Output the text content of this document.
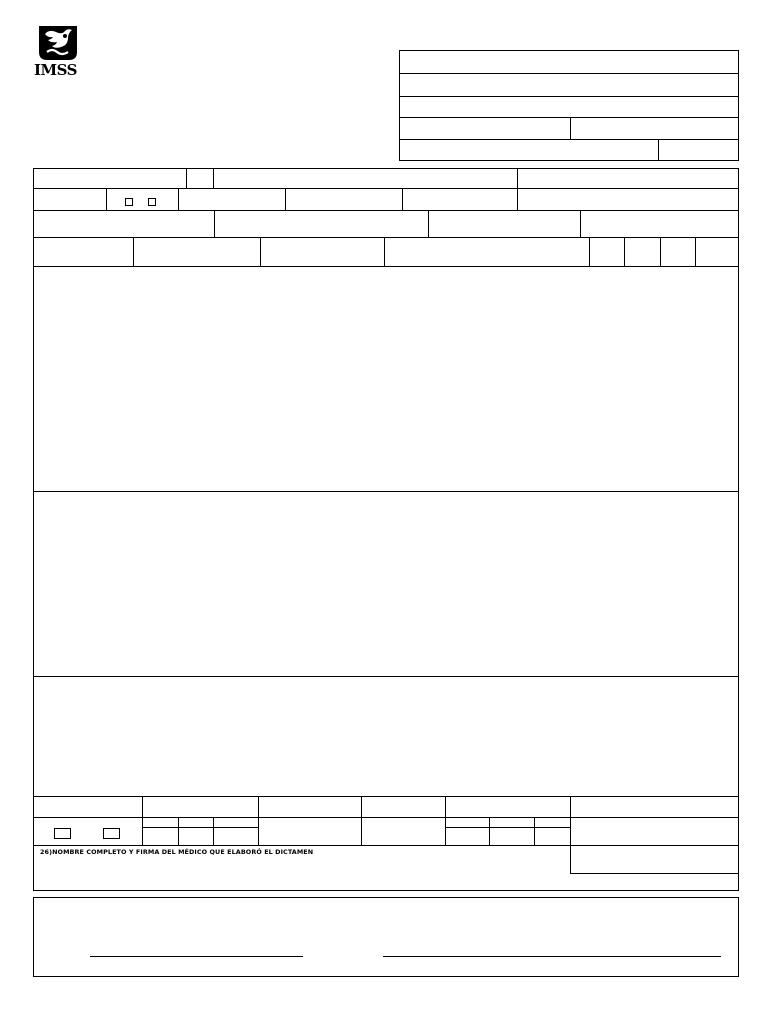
IMSS
26)NOMBRE COMPLETO Y FIRMA DEL MÉDICO QUE ELABORÓ EL DICTAMEN
